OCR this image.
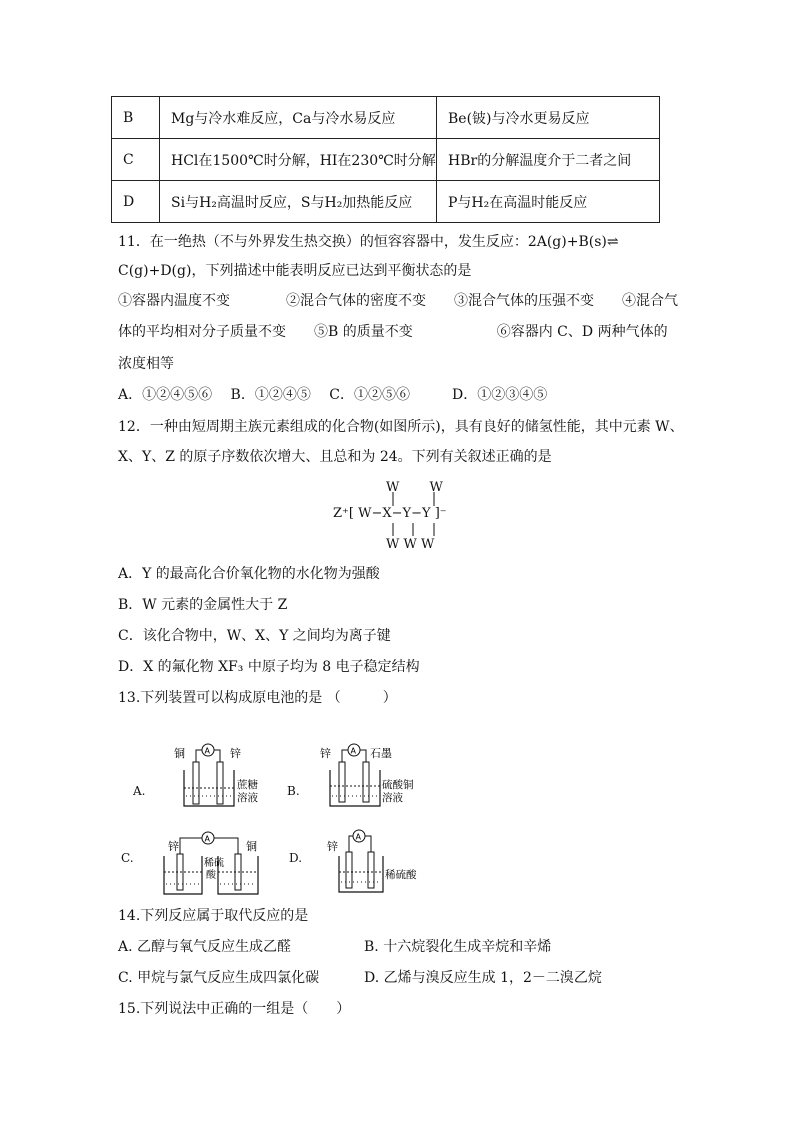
B	Mg与冷水难反应，Ca与冷水易反应	Be(铍)与冷水更易反应
C	HCl在1500℃时分解，HI在230℃时分解	HBr的分解温度介于二者之间
D	Si与H₂高温时反应，S与H₂加热能反应	P与H₂在高温时能反应
11．在一绝热（不与外界发生热交换）的恒容容器中，发生反应：2A(g)+B(s)⇌
C(g)+D(g)，下列描述中能表明反应已达到平衡状态的是
①容器内温度不变　　　　②混合气体的密度不变　　③混合气体的压强不变　　④混合气
体的平均相对分子质量不变　　⑤B 的质量不变　　　　　　⑥容器内 C、D 两种气体的
浓度相等
A．①②④⑤⑥　 B．①②④⑤　 C．①②⑤⑥　　　D．①②③④⑤
12．一种由短周期主族元素组成的化合物(如图所示)，具有良好的储氢性能，其中元素 W、
X、Y、Z 的原子序数依次增大、且总和为 24。下列有关叙述正确的是
W　　 W
Z⁺[ W−X−Y−Y ]⁻
W W W
A．Y 的最高化合价氧化物的水化物为强酸
B．W 元素的金属性大于 Z
C．该化合物中，W、X、Y 之间均为离子键
D．X 的氟化物 XF₃ 中原子均为 8 电子稳定结构
13.下列装置可以构成原电池的是 （　　　）
A.
铜	锌
A
蔗糖
溶液 B.
锌	石墨
A
硫酸铜
溶液
C.
锌	铜
A
稀硫
酸
D.
锌
A
稀硫酸
14.下列反应属于取代反应的是
A. 乙醇与氧气反应生成乙醛	B. 十六烷裂化生成辛烷和辛烯
C. 甲烷与氯气反应生成四氯化碳	D. 乙烯与溴反应生成 1，2－二溴乙烷
15.下列说法中正确的一组是（　　）
